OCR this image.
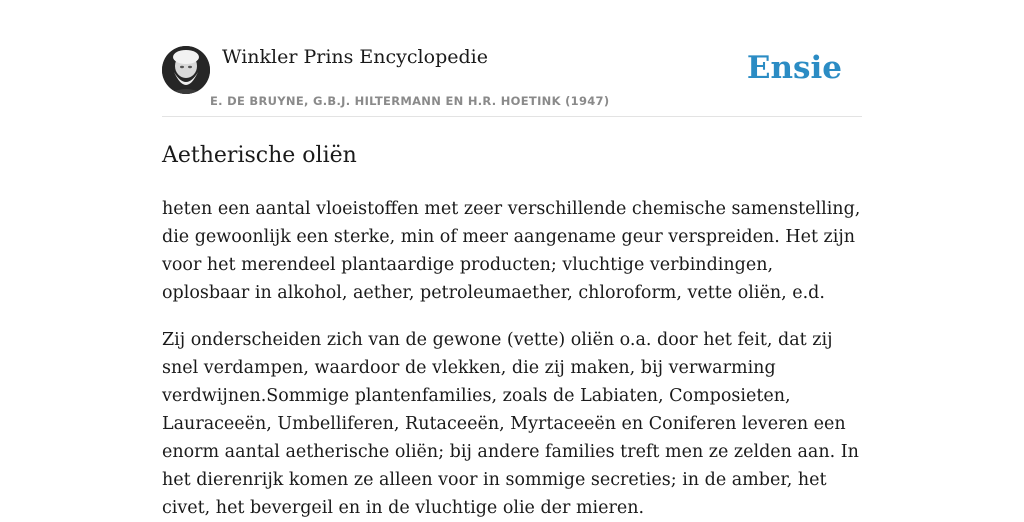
Winkler Prins Encyclopedie
E. DE BRUYNE, G.B.J. HILTERMANN EN H.R. HOETINK (1947)
Ensie
Aetherische oliën

heten een aantal vloeistoffen met zeer verschillende chemische samenstelling, die gewoonlijk een sterke, min of meer aangename geur verspreiden. Het zijn voor het merendeel plantaardige producten; vluchtige verbindingen, oplosbaar in alkohol, aether, petroleumaether, chloroform, vette oliën, e.d.

Zij onderscheiden zich van de gewone (vette) oliën o.a. door het feit, dat zij snel verdampen, waardoor de vlekken, die zij maken, bij verwarming verdwijnen.Sommige plantenfamilies, zoals de Labiaten, Composieten, Lauraceeën, Umbelliferen, Rutaceeën, Myrtaceeën en Coniferen leveren een enorm aantal aetherische oliën; bij andere families treft men ze zelden aan. In het dierenrijk komen ze alleen voor in sommige secreties; in de amber, het civet, het bevergeil en in de vluchtige olie der mieren.
